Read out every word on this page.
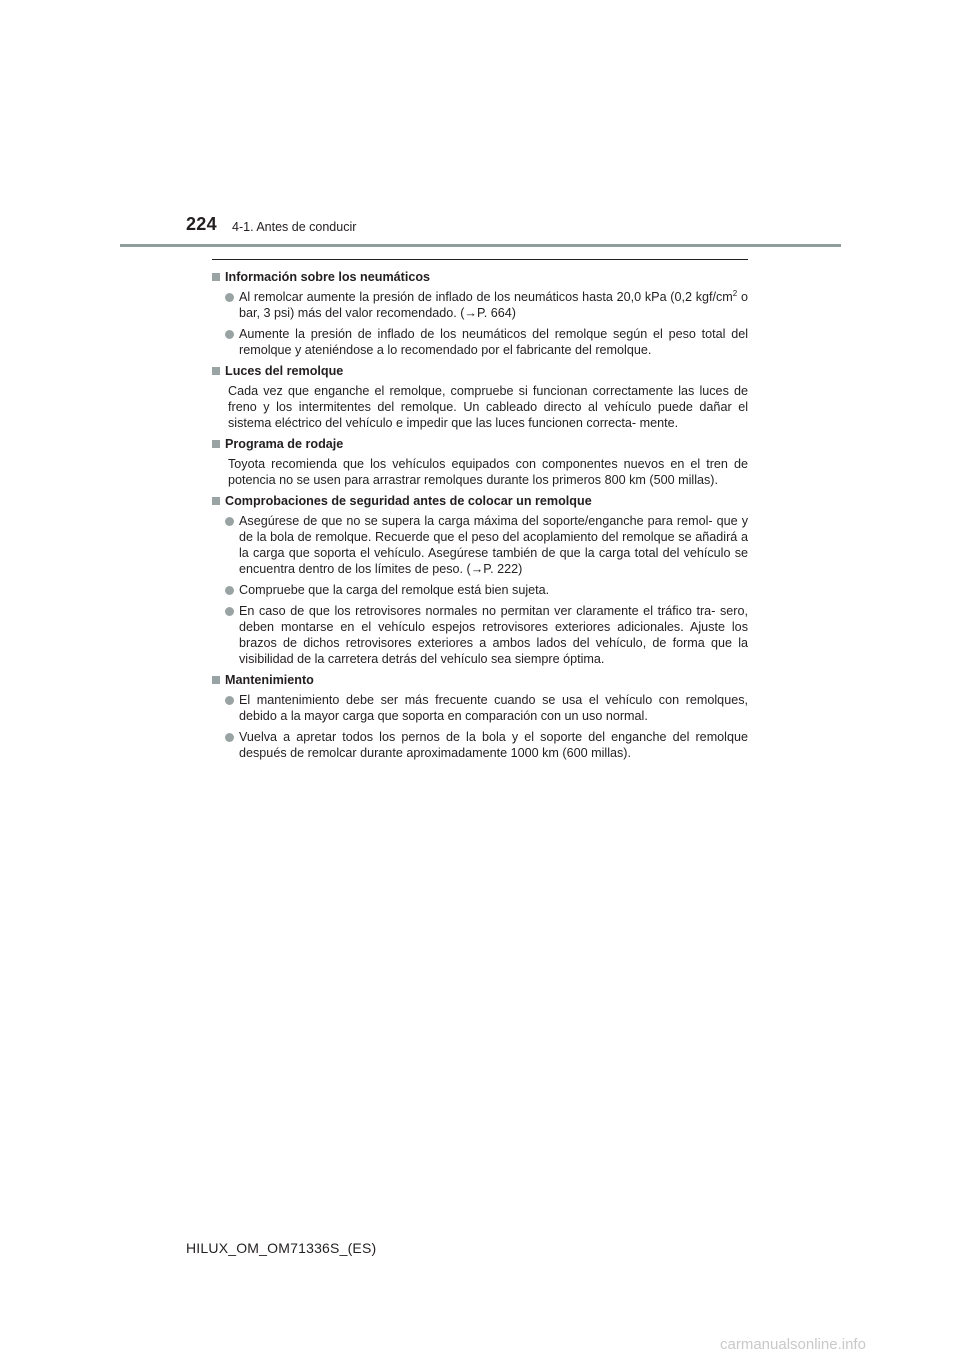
224 4-1. Antes de conducir
Información sobre los neumáticos
Al remolcar aumente la presión de inflado de los neumáticos hasta 20,0 kPa (0,2 kgf/$cm^2$ o bar, 3 psi) más del valor recomendado. (→P. 664)
Aumente la presión de inflado de los neumáticos del remolque según el peso total del remolque y ateniéndose a lo recomendado por el fabricante del remolque.
Luces del remolque
Cada vez que enganche el remolque, compruebe si funcionan correctamente las luces de freno y los intermitentes del remolque. Un cableado directo al vehículo puede dañar el sistema eléctrico del vehículo e impedir que las luces funcionen correcta- mente.
Programa de rodaje
Toyota recomienda que los vehículos equipados con componentes nuevos en el tren de potencia no se usen para arrastrar remolques durante los primeros 800 km (500 millas).
Comprobaciones de seguridad antes de colocar un remolque
Asegúrese de que no se supera la carga máxima del soporte/enganche para remol- que y de la bola de remolque. Recuerde que el peso del acoplamiento del remolque se añadirá a la carga que soporta el vehículo. Asegúrese también de que la carga total del vehículo se encuentra dentro de los límites de peso. (→P. 222)
Compruebe que la carga del remolque está bien sujeta.
En caso de que los retrovisores normales no permitan ver claramente el tráfico tra- sero, deben montarse en el vehículo espejos retrovisores exteriores adicionales. Ajuste los brazos de dichos retrovisores exteriores a ambos lados del vehículo, de forma que la visibilidad de la carretera detrás del vehículo sea siempre óptima.
Mantenimiento
El mantenimiento debe ser más frecuente cuando se usa el vehículo con remolques, debido a la mayor carga que soporta en comparación con un uso normal.
Vuelva a apretar todos los pernos de la bola y el soporte del enganche del remolque después de remolcar durante aproximadamente 1000 km (600 millas).
HILUX_OM_OM71336S_(ES)
carmanualsonline.info
